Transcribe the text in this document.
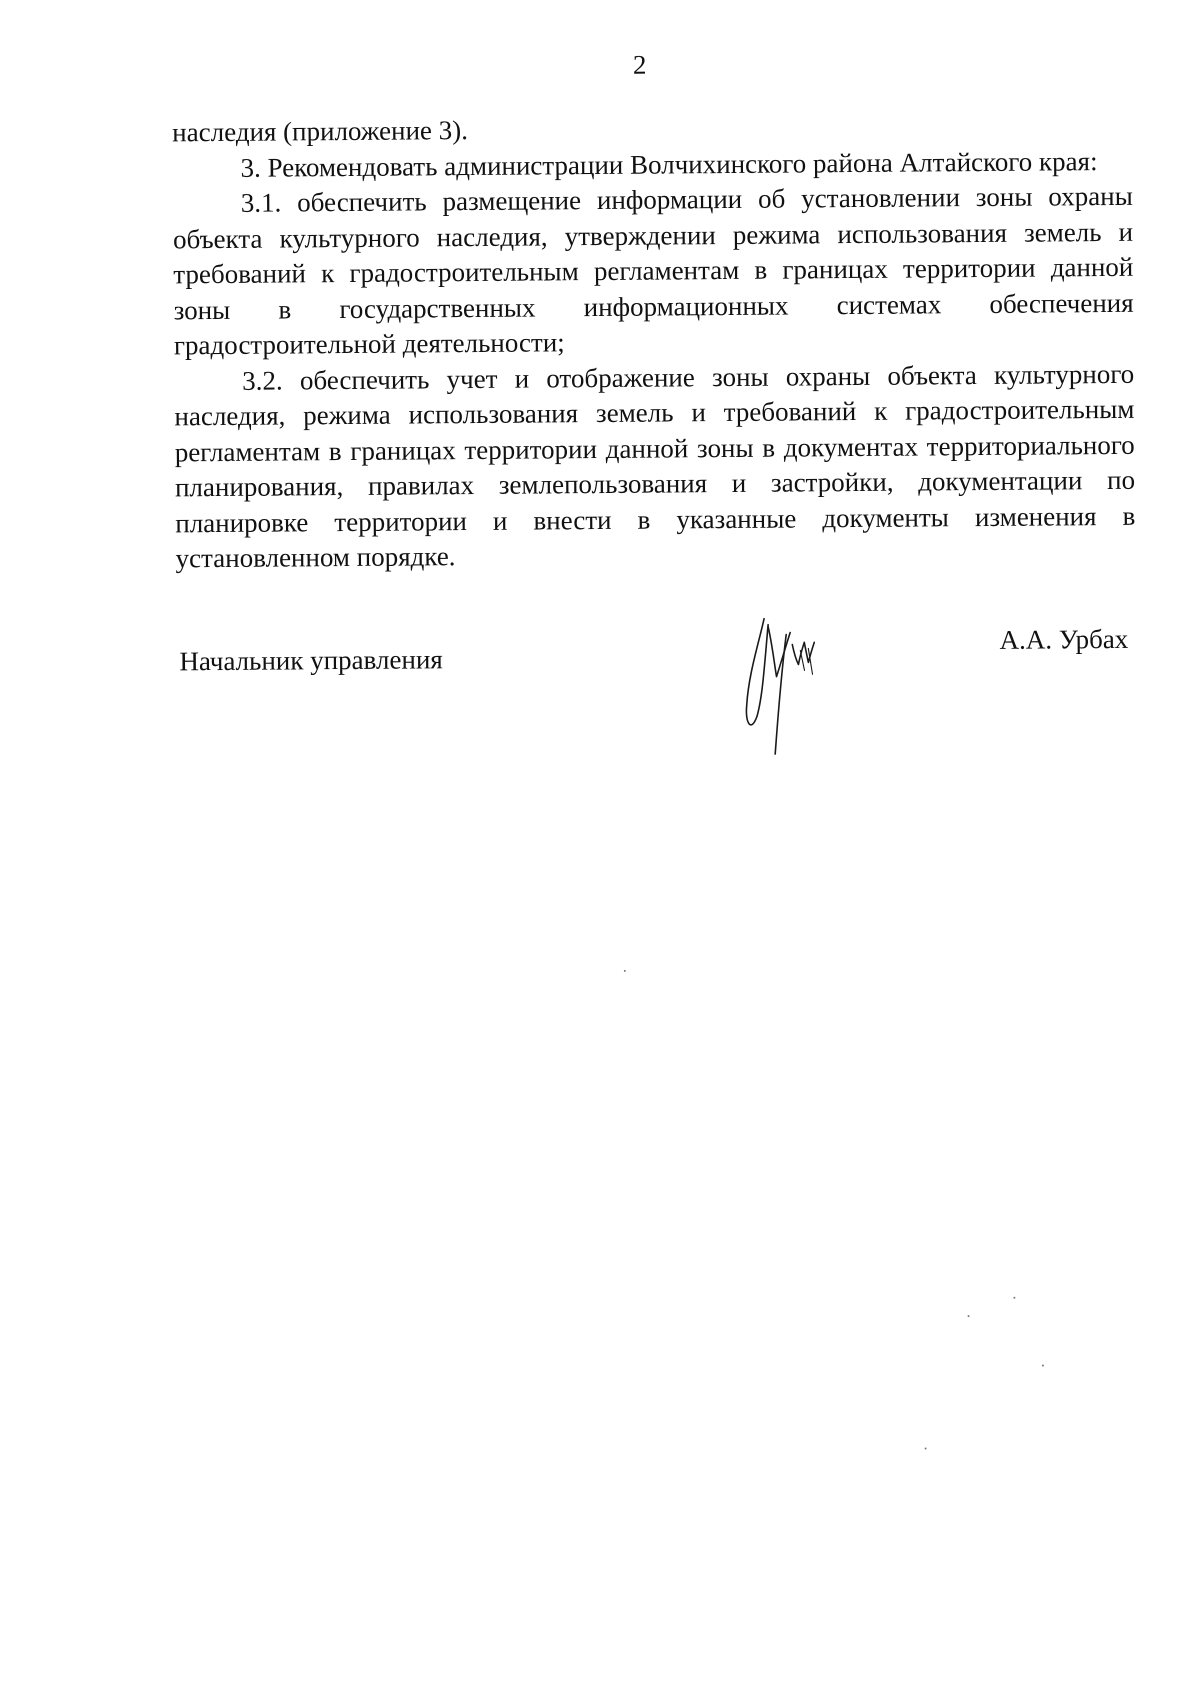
2

наследия (приложение 3).

3. Рекомендовать администрации Волчихинского района Алтайского края:

3.1. обеспечить размещение информации об установлении зоны охраны объекта культурного наследия, утверждении режима использования земель и требований к градостроительным регламентам в границах территории данной зоны в государственных информационных системах обеспечения градостроительной деятельности;

3.2. обеспечить учет и отображение зоны охраны объекта культурного наследия, режима использования земель и требований к градостроительным регламентам в границах территории данной зоны в документах территориального планирования, правилах землепользования и застройки, документации по планировке территории и внести в указанные документы изменения в установленном порядке.

Начальник управления
А.А. Урбах
